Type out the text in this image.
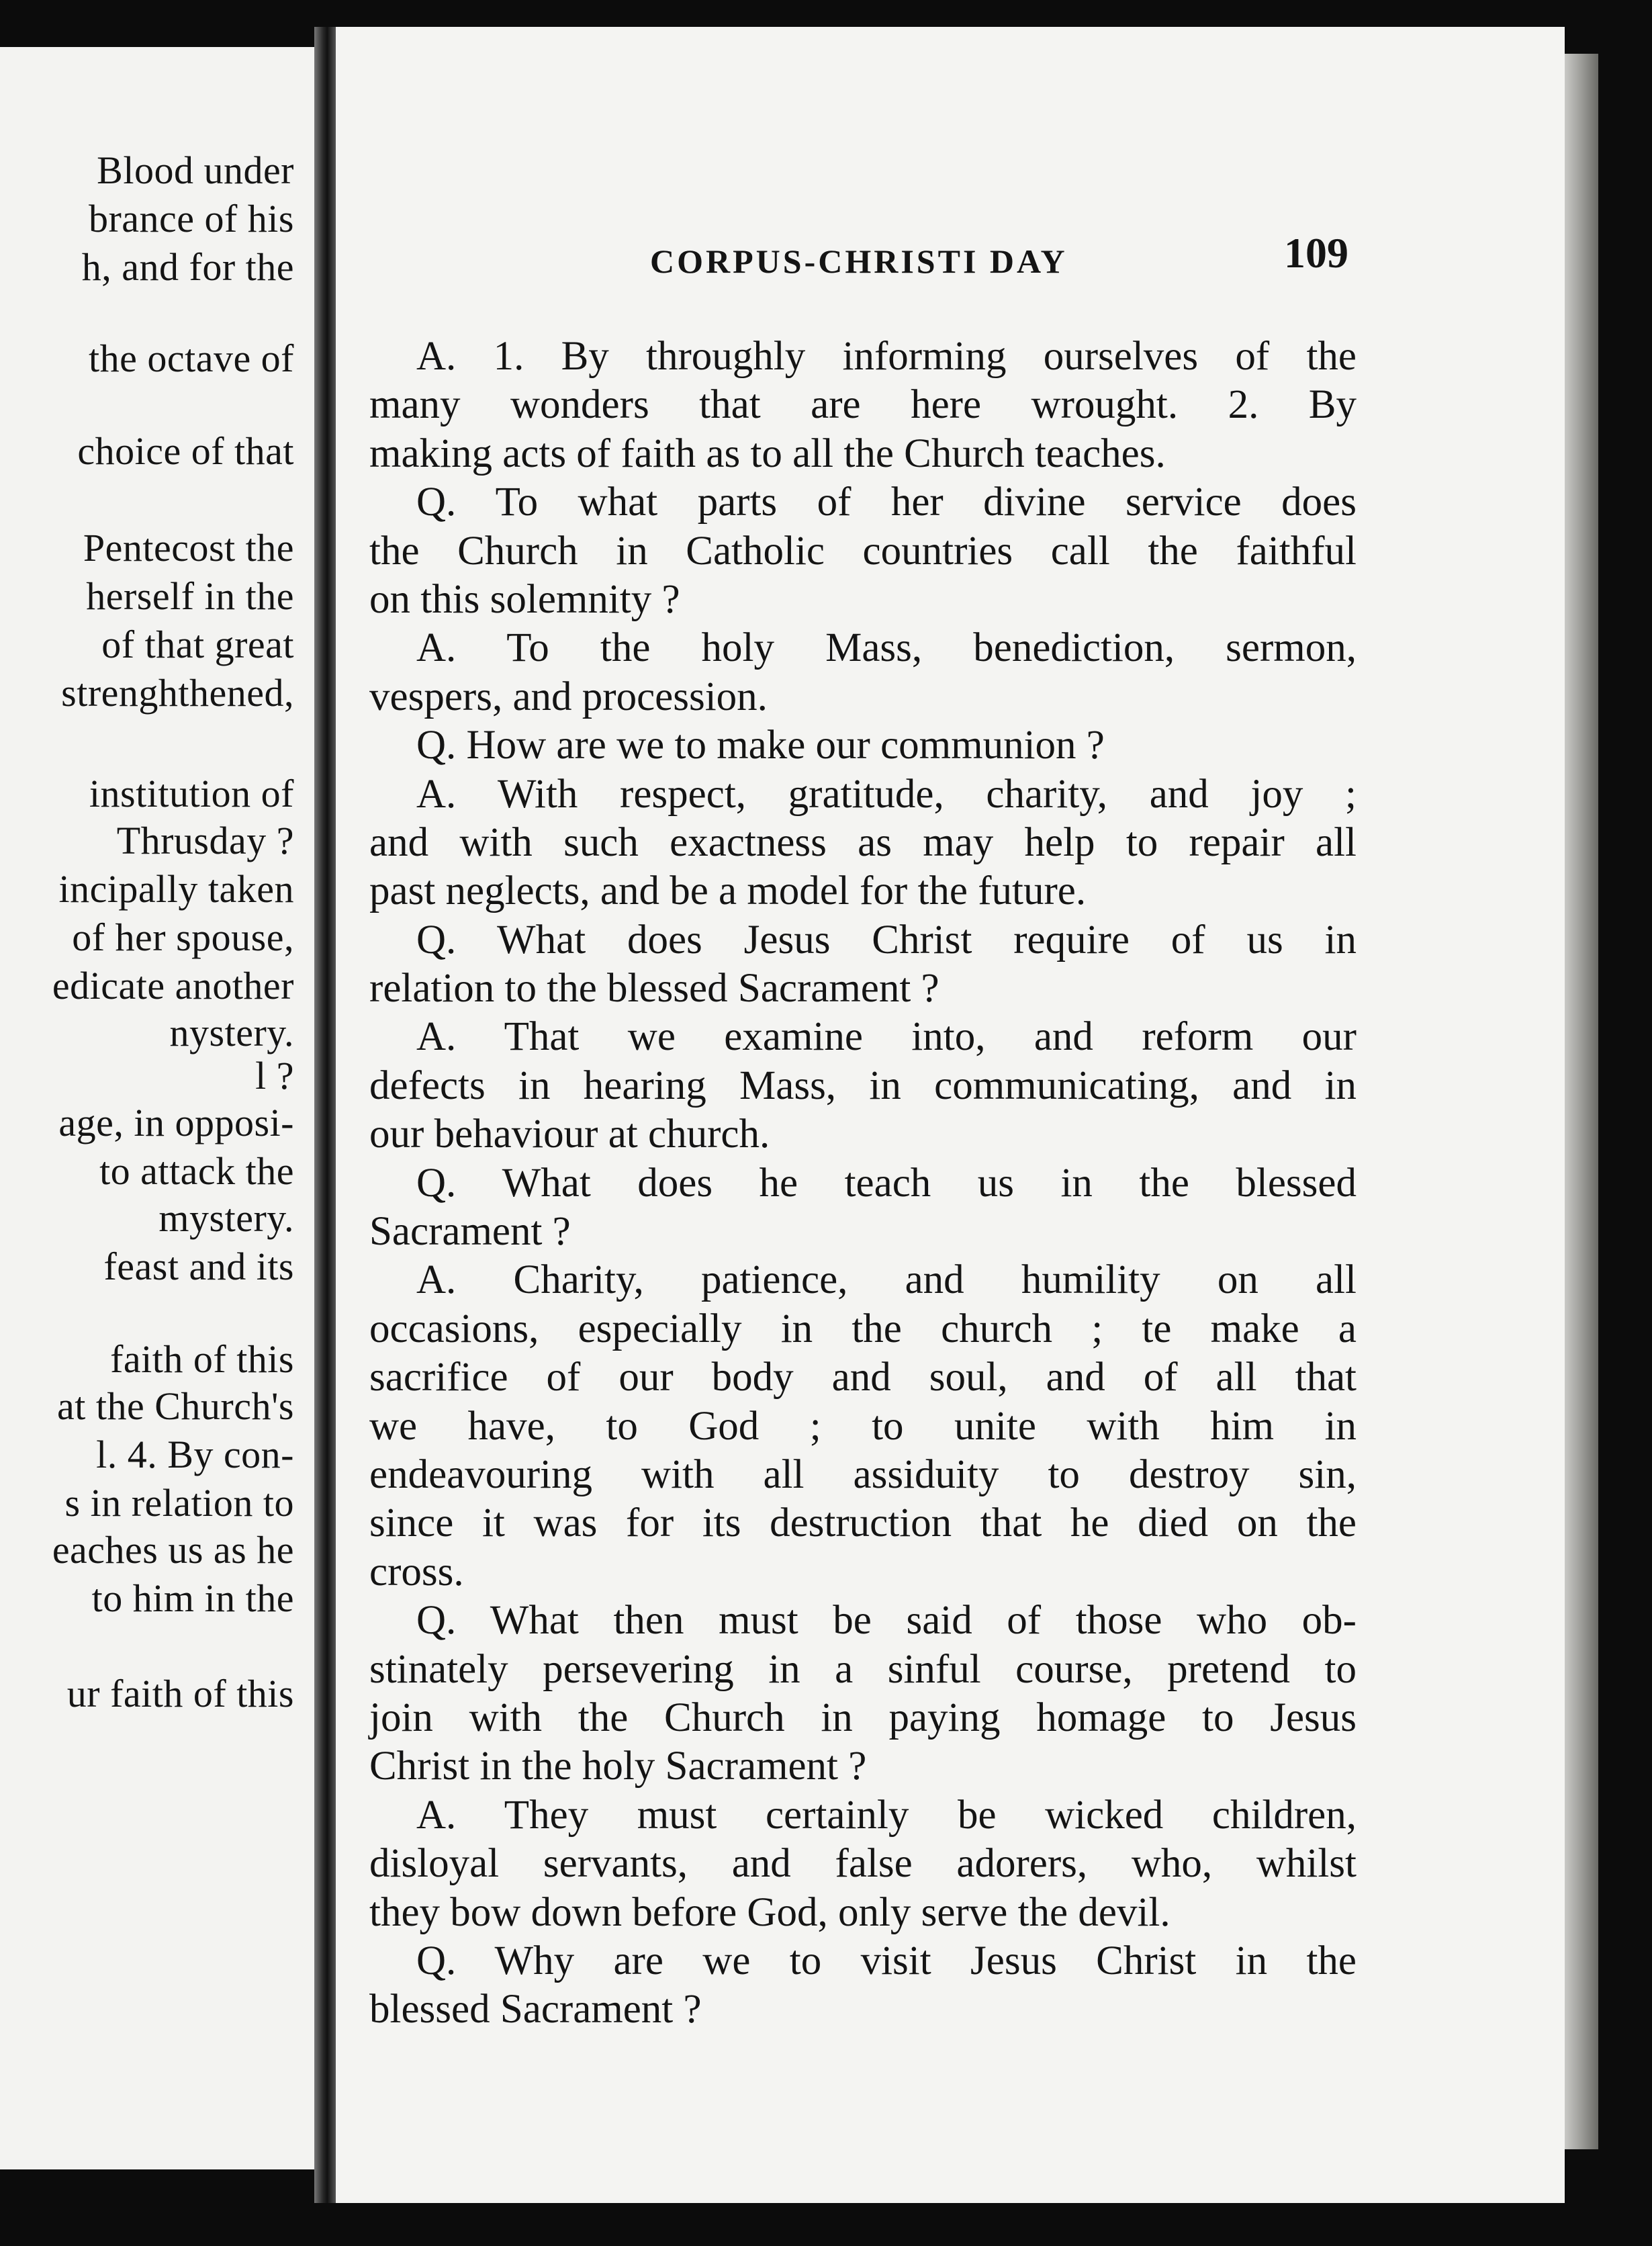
Blood under
brance of his
h, and for the
the octave of
choice of that
Pentecost the
herself in the
of that great
strenghthened,
institution of
Thrusday ?
incipally taken
of her spouse,
edicate another
nystery.
l ?
age, in opposi-
to attack the
mystery.
feast and its
faith of this
at the Church's
l. 4. By con-
s in relation to
eaches us as he
to him in the
ur faith of this
CORPUS-CHRISTI DAY	109
A. 1. By throughly informing ourselves of the
many wonders that are here wrought. 2. By
making acts of faith as to all the Church teaches.
Q. To what parts of her divine service does
the Church in Catholic countries call the faithful
on this solemnity ?
A. To the holy Mass, benediction, sermon,
vespers, and procession.
Q. How are we to make our communion ?
A. With respect, gratitude, charity, and joy ;
and with such exactness as may help to repair all
past neglects, and be a model for the future.
Q. What does Jesus Christ require of us in
relation to the blessed Sacrament ?
A. That we examine into, and reform our
defects in hearing Mass, in communicating, and in
our behaviour at church.
Q. What does he teach us in the blessed
Sacrament ?
A. Charity, patience, and humility on all
occasions, especially in the church ; te make a
sacrifice of our body and soul, and of all that
we have, to God ; to unite with him in
endeavouring with all assiduity to destroy sin,
since it was for its destruction that he died on the
cross.
Q. What then must be said of those who ob-
stinately persevering in a sinful course, pretend to
join with the Church in paying homage to Jesus
Christ in the holy Sacrament ?
A. They must certainly be wicked children,
disloyal servants, and false adorers, who, whilst
they bow down before God, only serve the devil.
Q. Why are we to visit Jesus Christ in the
blessed Sacrament ?
